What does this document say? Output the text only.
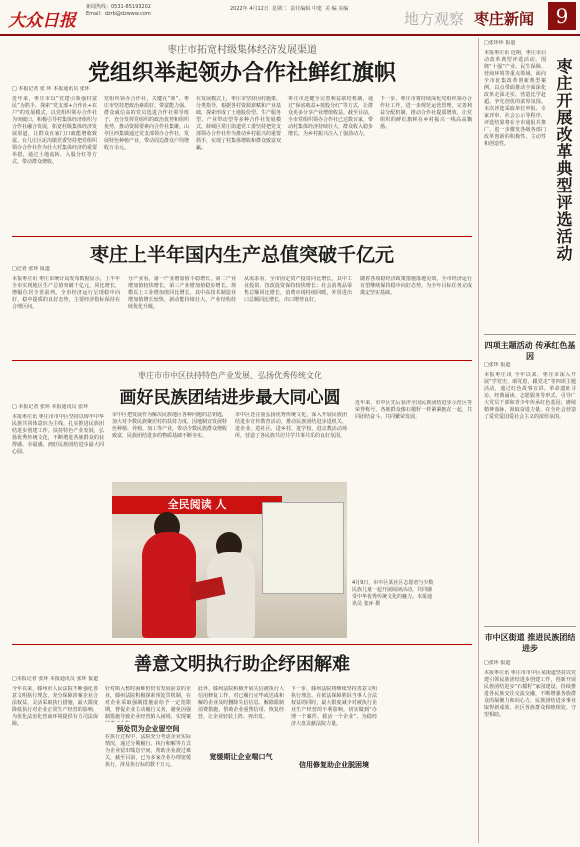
大众日报
新闻热线：0531-85193202
Email：dzrb@dzwww.com
2022年 4月12日 星期二 责任编辑 中建 美 编 美编
地方观察 枣庄新闻	9
枣庄市拓宽村级集体经济发展渠道
党组织举起领办合作社鲜红旗帜
□ 本报记者 张 环 本报通讯员 张环
近年来，枣庄市以“党建引领强村富民”为抓手，探索“党支部+合作社+农户”的发展模式，以党组织领办合作社为突破口，积极引导村集体经济组织与合作社融合发展，拓宽村级集体经济发展渠道，让群众在家门口就能增收致富。台儿庄区泥沟镇党委坚持把党组织领办合作社作为壮大村集体经济的重要举措，通过土地流转、入股分红等方式，带动群众增收。
党组织领办合作社，关键在“领”。枣庄市坚持把政治素质好、带富能力强、群众威信高的党员选进合作社领导班子，充分发挥党组织的政治优势和组织优势，推动资源要素向合作社集聚。山亭区西集镇通过党支部领办合作社，发展特色种植产业，带动周边群众户均增收万余元。
在发展模式上，枣庄市坚持因村施策、分类指导，根据各村资源禀赋和产业基础，探索形成了土地股份型、生产服务型、产业带动型等多种合作社发展模式。薛城区常庄街道党工委坚持把党支部领办合作社作为推动乡村振兴的重要抓手，实现了村集体增收和群众致富双赢。
枣庄市还健全完善利益联结机制，通过“保底收益+按股分红”等方式，让群众更多分享产业增值收益。截至目前，全市党组织领办合作社已达数百家，带动村集体经济持续壮大，群众收入稳步增长，为乡村振兴注入了强劲动力。
下一步，枣庄市将持续深化党组织领办合作社工作，进一步规范运营管理，完善利益分配机制，推动合作社提质增效，让党组织的鲜红旗帜在乡村振兴一线高高飘扬。
枣庄上半年国内生产总值突破千亿元
□记者 张环 报道
本报枣庄讯 枣庄市统计局发布数据显示，上半年全市实现地区生产总值突破千亿元，同比增长，增幅位居全省前列。全市经济运行呈现稳中向好、稳中提质的良好态势，主要经济指标保持在合理区间。
分产业看，第一产业增加值平稳增长，第二产业增加值较快增长，第三产业增加值稳步增长。规模以上工业增加值同比增长，其中高技术制造业增加值增长较快，新动能持续壮大，产业结构持续优化升级。
从需求看，全市固定资产投资同比增长，其中工业投资、技改投资保持较快增长；社会消费品零售总额同比增长，消费市场持续回暖，外贸进出口总额同比增长，出口增势良好。
随着各项稳经济政策措施落地见效，全市经济运行有望继续保持稳中向好态势，为全年目标任务完成奠定坚实基础。
枣庄市市中区扶持特色产业发展、弘扬优秀传统文化
画好民族团结进步最大同心圆
□ 本报记者 张环 本报通讯员 张环
本报枣庄讯 枣庄市市中区坚持以铸牢中华民族共同体意识为主线，扎实推进民族团结进步创建工作，扶持特色产业发展，弘扬优秀传统文化，不断增进各族群众的获得感、幸福感，画好民族团结进步最大同心圆。
市中区把发展作为解决民族地区各种问题的总钥匙，加大对少数民族聚居村的扶持力度，因地制宜发展特色种植、养殖、加工等产业，带动少数民族群众增收致富，民族团结进步的物质基础不断夯实。
市中区还注重弘扬优秀传统文化，深入开展民族团结进步宣传教育活动，推动民族团结进步进机关、进企业、进社区、进乡村、进学校、进宗教活动场所，营造了各民族共居共学共事共乐的良好氛围。
近年来，市中区先后获评全国民族团结进步示范区等荣誉称号，各族群众像石榴籽一样紧紧抱在一起，共同团结奋斗、共同繁荣发展。
全民阅读 人
4月9日，市中区某社区志愿者与少数民族儿童一起开展阅读活动，共同感受中华优秀传统文化的魅力。本报通讯员 张环 摄
善意文明执行助企纾困解难
□本报记者 张环 本报通讯员 张环 报道
今年以来，滕州市人民法院不断强化善意文明执行理念，充分保障涉案企业合法权益，灵活采取执行措施，最大限度降低执行对企业正常生产经营的影响，为优化法治化营商环境提供有力司法保障。
针对陷入暂时困难但仍有发展前景的企业，滕州法院积极探索预处罚机制，在对企业采取强制措施前给予一定宽限期，督促企业主动履行义务，避免因强制措施导致企业经营陷入困境，实现案
预处罚为企业留空间
在执行过程中，法院充分考虑企业实际情况，通过分期履行、执行和解等方式为企业留出喘息空间，帮助企业渡过难关，截至目前，已为多家企业办理宽缓执行，涉及执行标的数千万元。
此外，滕州法院积极开展失信被执行人信用修复工作，对已履行完毕或达成和解的企业及时删除失信信息、解除限制消费措施，帮助企业重塑信用、恢复经营，让企业轻装上阵、再出发。
宽缓期让企业喘口气
下一步，滕州法院将继续坚持善意文明执行理念，在依法保障胜诉当事人合法权益的同时，最大限度减少对被执行企业生产经营的不利影响，切实做到“办理一个案件、救活一个企业”，为稳经济大盘贡献法院力量。
信用修复助企业脱困境
枣庄开展改革典型评选活动
□张环环 报道
本报枣庄讯 近期，枣庄市启动改革典型评选活动，围绕“十强”产业、民生保障、营商环境等重点领域，面向全市征集改革创新典型案例，以点带面推动全面深化改革走深走实，营造比学赶超、争先创优的浓厚氛围。本次评选采取单位申报、专家评审、社会公示等程序，评选结果将在全市通报并推广，进一步激发各级各部门改革创新的积极性、主动性和创造性。
四项主题活动 传承红色基因
□张环 报道
本报枣庄讯 今年以来，枣庄市深入开展“学党史、颂党恩、跟党走”等四项主题活动，通过红色故事宣讲、革命遗址寻访、经典诵读、志愿服务等形式，引导广大党员干部和青少年传承红色基因、赓续精神血脉，汲取奋进力量，在全社会营造了爱党爱国爱社会主义的浓厚氛围。
市中区街道 推进民族团结进步
□张环 报道
本报枣庄讯 枣庄市市中区某街道坚持以党建引领民族团结进步创建工作，创新开展民族团结进步“石榴籽”家园建设，持续推进各民族交往交流交融，不断增强各族群众的凝聚力和向心力，民族团结进步事业取得新成效，社区各族群众和睦相处、守望相助。
